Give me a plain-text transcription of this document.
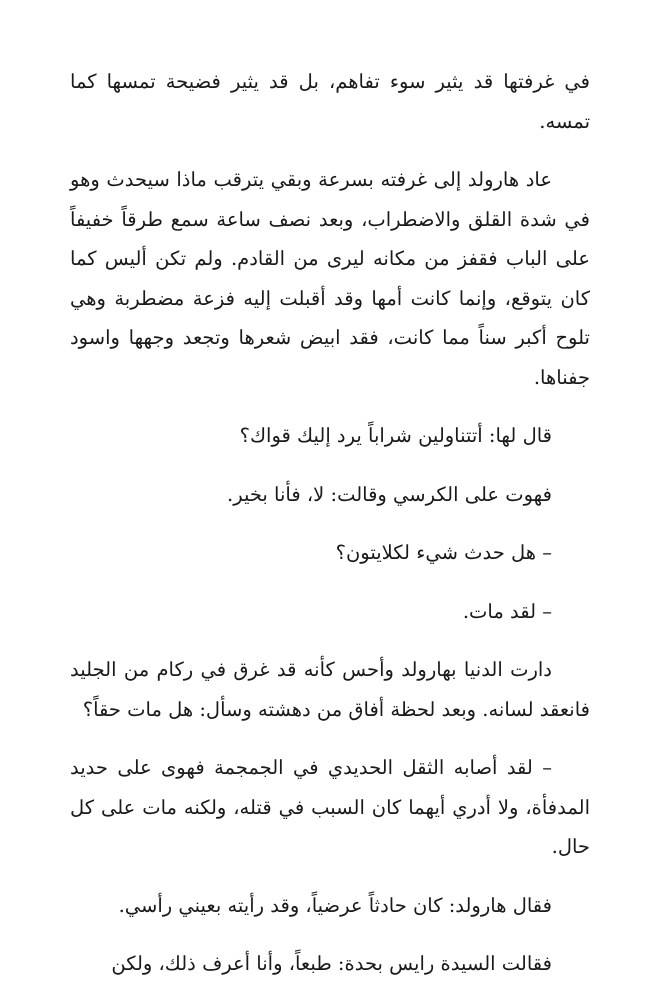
في غرفتها قد يثير سوء تفاهم، بل قد يثير فضيحة تمسها كما تمسه.

عاد هارولد إلى غرفته بسرعة وبقي يترقب ماذا سيحدث وهو في شدة القلق والاضطراب، وبعد نصف ساعة سمع طرقاً خفيفاً على الباب فقفز من مكانه ليرى من القادم. ولم تكن أليس كما كان يتوقع، وإنما كانت أمها وقد أقبلت إليه فزعة مضطربة وهي تلوح أكبر سناً مما كانت، فقد ابيض شعرها وتجعد وجهها واسود جفناها.

قال لها: أتتناولين شراباً يرد إليك قواك؟

فهوت على الكرسي وقالت: لا، فأنا بخير.

– هل حدث شيء لكلايتون؟

– لقد مات.

دارت الدنيا بهارولد وأحس كأنه قد غرق في ركام من الجليد فانعقد لسانه. وبعد لحظة أفاق من دهشته وسأل: هل مات حقاً؟

– لقد أصابه الثقل الحديدي في الجمجمة فهوى على حديد المدفأة، ولا أدري أيهما كان السبب في قتله، ولكنه مات على كل حال.

فقال هارولد: كان حادثاً عرضياً، وقد رأيته بعيني رأسي.

فقالت السيدة رايس بحدة: طبعاً، وأنا أعرف ذلك، ولكن
